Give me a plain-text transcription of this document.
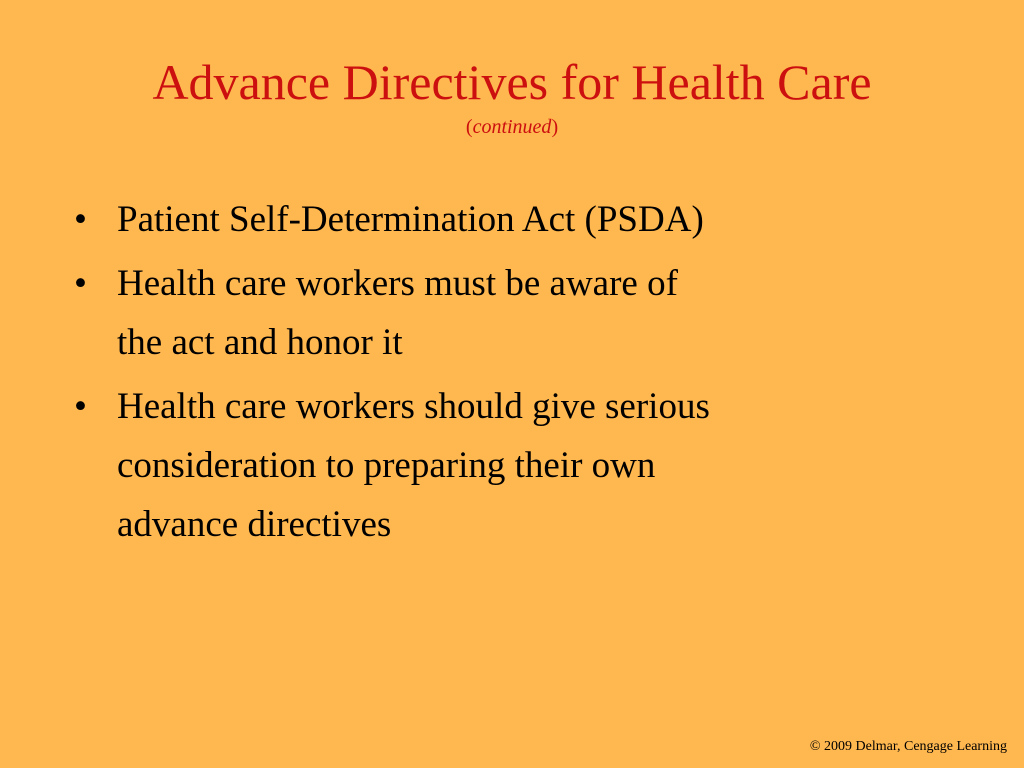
Advance Directives for Health Care
(continued)
• Patient Self-Determination Act (PSDA)
• Health care workers must be aware of
the act and honor it
• Health care workers should give serious
consideration to preparing their own
advance directives
© 2009 Delmar, Cengage Learning
